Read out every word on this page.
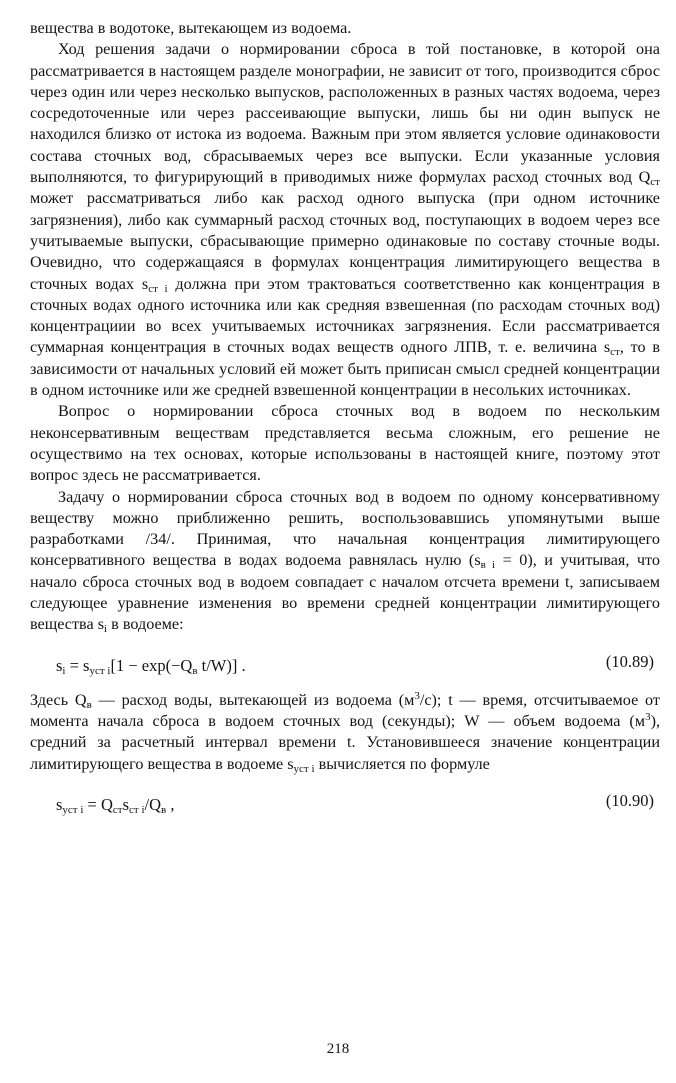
вещества в водотоке, вытекающем из водоема.

Ход решения задачи о нормировании сброса в той постановке, в которой она рассматривается в настоящем разделе монографии, не зависит от того, производится сброс через один или через несколько выпусков, расположенных в разных частях водоема, через сосредоточенные или через рассеивающие выпуски, лишь бы ни один выпуск не находился близко от истока из водоема. Важным при этом является условие одинаковости состава сточных вод, сбрасываемых через все выпуски. Если указанные условия выполняются, то фигурирующий в приводимых ниже формулах расход сточных вод $Q_{ст}$ может рассматриваться либо как расход одного выпуска (при одном источнике загрязнения), либо как суммарный расход сточных вод, поступающих в водоем через все учитываемые выпуски, сбрасывающие примерно одинаковые по составу сточные воды. Очевидно, что содержащаяся в формулах концентрация лимитирующего вещества в сточных водах $s_{ст i}$ должна при этом трактоваться соответственно как концентрация в сточных водах одного источника или как средняя взвешенная (по расходам сточных вод) концентрациии во всех учитываемых источниках загрязнения. Если рассматривается суммарная концентрация в сточных водах веществ одного ЛПВ, т. е. величина $s_{ст}$, то в зависимости от начальных условий ей может быть приписан смысл средней концентрации в одном источнике или же средней взвешенной концентрации в несольких источниках.

Вопрос о нормировании сброса сточных вод в водоем по нескольким неконсервативным веществам представляется весьма сложным, его решение не осуществимо на тех основах, которые использованы в настоящей книге, поэтому этот вопрос здесь не рассматривается.

Задачу о нормировании сброса сточных вод в водоем по одному консервативному веществу можно приближенно решить, воспользовавшись упомянутыми выше разработками /34/. Принимая, что начальная концентрация лимитирующего консервативного вещества в водах водоема равнялась нулю $(s_{в i} = 0)$, и учитывая, что начало сброса сточных вод в водоем совпадает с началом отсчета времени t, записываем следующее уравнение изменения во времени средней концентрации лимитирующего вещества $s_i$ в водоеме:

$s_i = s_{уст i}[1 - \exp(-Q_в$ t/W)] .	(10.89)

Здесь $Q_в$ — расход воды, вытекающей из водоема $(м^3/с)$; t — время, отсчитываемое от момента начала сброса в водоем сточных вод (секунды); W — объем водоема $(м^3)$, средний за расчетный интервал времени t. Установившееся значение концентрации лимитирующего вещества в водоеме $s_{уст i}$ вычисляется по формуле

$s_{уст i} = Q_{ст}s_{ст i}/Q_в$ ,	(10.90)
218
